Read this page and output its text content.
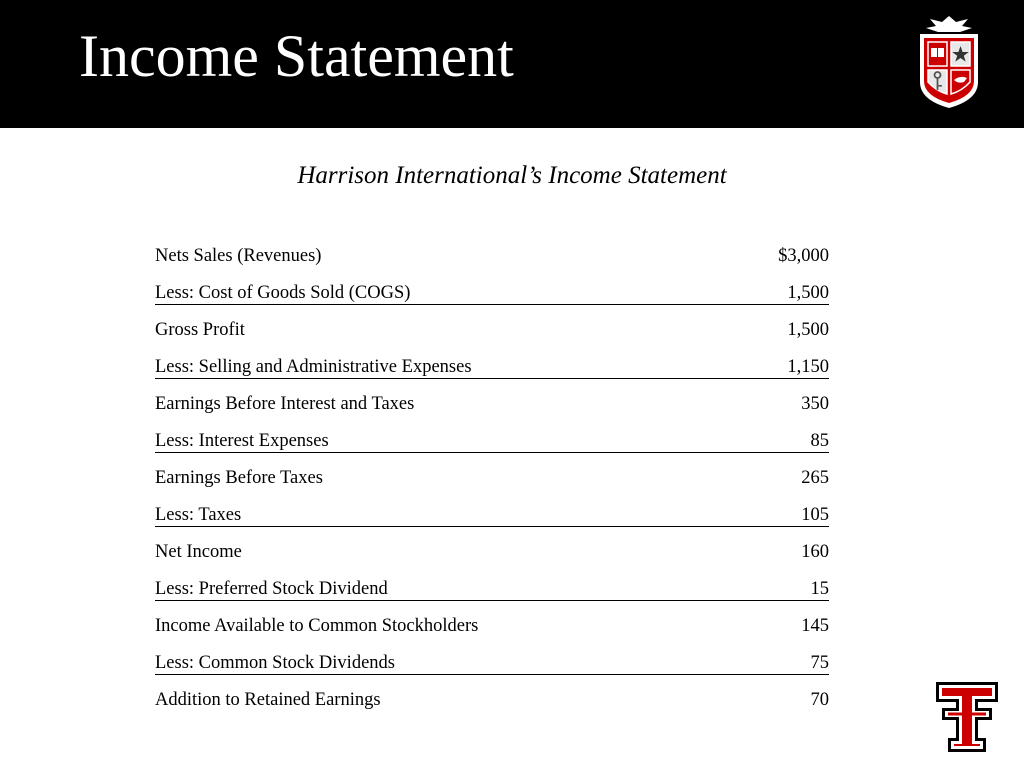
Income Statement
Harrison International’s Income Statement
Nets Sales (Revenues)	$3,000
Less: Cost of Goods Sold (COGS)	1,500
Gross Profit	1,500
Less: Selling and Administrative Expenses	1,150
Earnings Before Interest and Taxes	350
Less: Interest Expenses	85
Earnings Before Taxes	265
Less: Taxes	105
Net Income	160
Less: Preferred Stock Dividend	15
Income Available to Common Stockholders	145
Less: Common Stock Dividends	75
Addition to Retained Earnings	70
